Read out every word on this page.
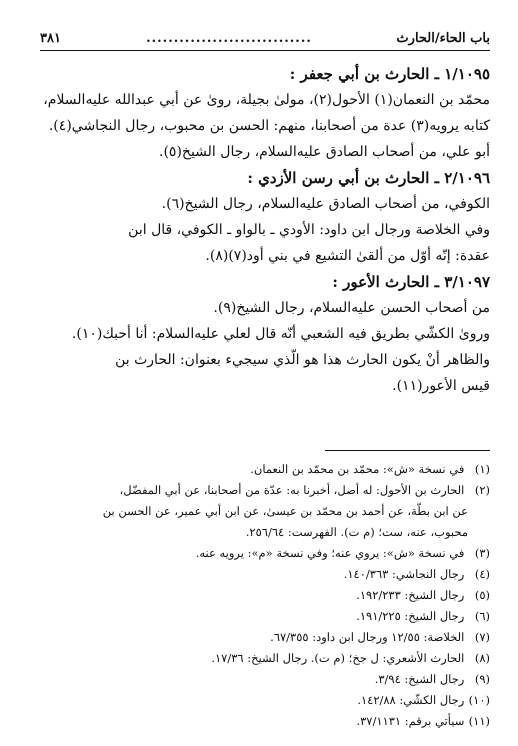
باب الحاء/الحارث
..............................
٣٨١
١/١٠٩٥ ـ الحارث بن أبي جعفر :

محمّد بن النعمان(١) الأحول(٢)، مولىٰ بجيلة، روىٰ عن أبي عبدالله عليه‌السلام،

كتابه يرويه(٣) عدة من أصحابنا، منهم: الحسن بن محبوب، رجال النجاشي(٤).

أبو علي، من أصحاب الصادق عليه‌السلام، رجال الشيخ(٥).

٢/١٠٩٦ ـ الحارث بن أبي رسن الأزدي :

الكوفي، من أصحاب الصادق عليه‌السلام، رجال الشيخ(٦).

وفي الخلاصة ورجال ابن داود: الأودي ـ بالواو ـ الكوفي، قال ابن

عقدة: إنّه أوّل من ألقىٰ التشيع في بني أود(٧)(٨).

٣/١٠٩٧ ـ الحارث الأعور :

من أصحاب الحسن عليه‌السلام، رجال الشيخ(٩).

وروىٰ الكشّي بطريق فيه الشعبي أنّه قال لعلي عليه‌السلام: أنا أحبك(١٠).

والظاهر أنْ يكون الحارث هذا هو الّذي سيجيء بعنوان: الحارث بن

قيس الأعور(١١).

(١) في نسخة «ش»: محمّد بن محمّد بن النعمان.

(٢) الحارث بن الأحول: له أصل، أخبرنا به: عدّة من أصحابنا، عن أبي المفضّل،

عن ابن بطّة، عن أحمد بن محمّد بن عيسىٰ، عن ابن أبي عمير، عن الحسن بن

محبوب، عنه، ست؛ (م ت). الفهرست: ٢٥٦/٦٤.

(٣) في نسخة «ش»: يروي عنه؛ وفي نسخة «م»: يرويه عنه.

(٤) رجال النجاشي: ١٤٠/٣٦٣.

(٥) رجال الشيخ: ١٩٢/٢٣٣.

(٦) رجال الشيخ: ١٩١/٢٢٥.

(٧) الخلاصة: ١٢/٥٥ ورجال ابن داود: ٦٧/٣٥٥.

(٨) الحارث الأشعري: ل جخ؛ (م ت). رجال الشيخ: ١٧/٣٦.

(٩) رجال الشيخ: ٣/٩٤.

(١٠) رجال الكشّي: ١٤٢/٨٨.

(١١) سيأتي برقم: ٣٧/١١٣١.
